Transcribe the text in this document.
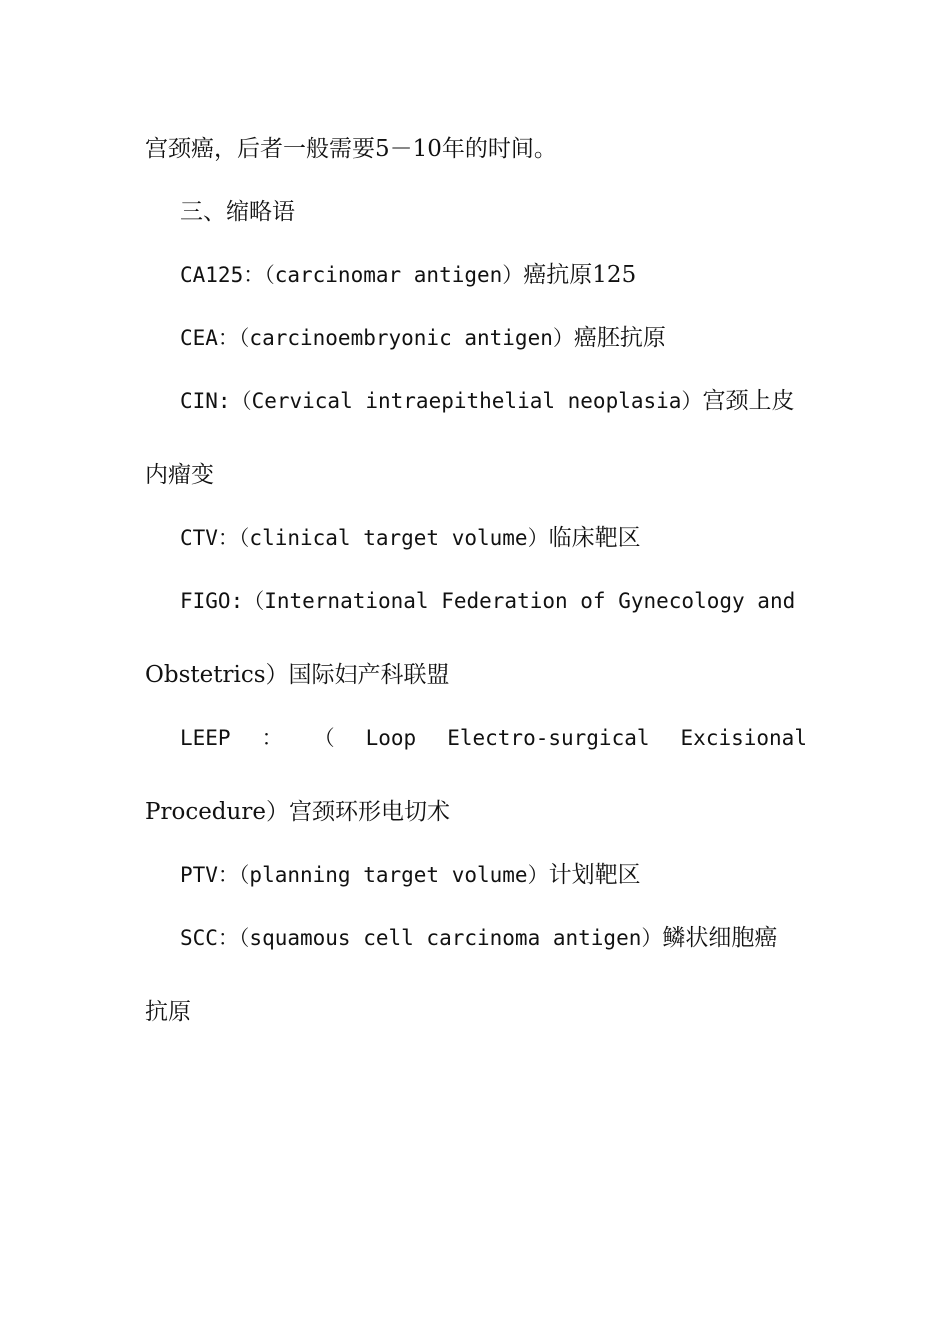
宫颈癌，后者一般需要5－10年的时间。
三、缩略语
CA125：（carcinomar antigen）癌抗原125
CEA：（carcinoembryonic antigen）癌胚抗原
CIN:（Cervical intraepithelial neoplasia）宫颈上皮
内瘤变
CTV：（clinical target volume）临床靶区
FIGO:（International Federation of Gynecology and
Obstetrics）国际妇产科联盟
LEEP ： （ Loop Electro-surgical Excisional
Procedure）宫颈环形电切术
PTV：（planning target volume）计划靶区
SCC：（squamous cell carcinoma antigen）鳞状细胞癌
抗原
